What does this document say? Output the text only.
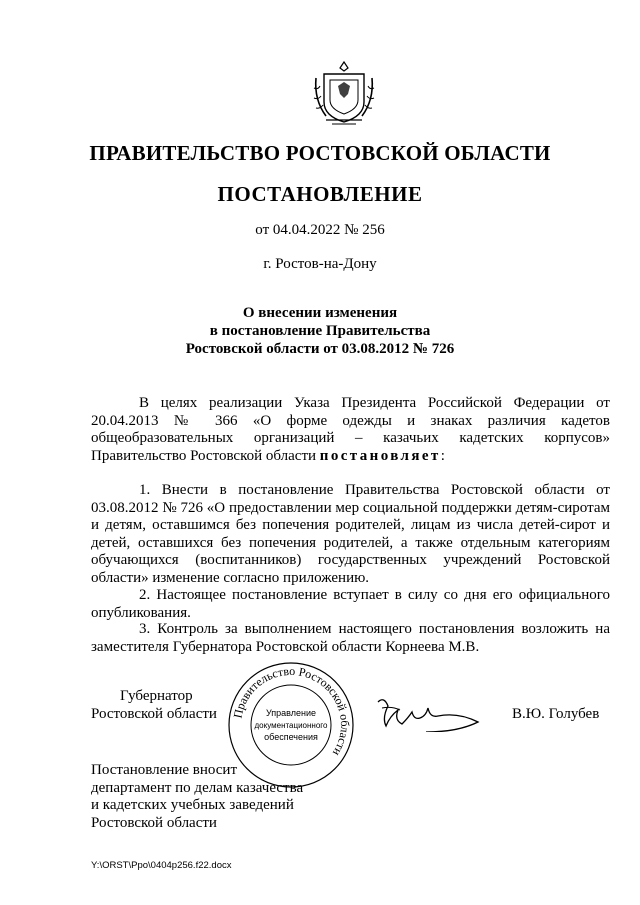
ПРАВИТЕЛЬСТВО РОСТОВСКОЙ ОБЛАСТИ
ПОСТАНОВЛЕНИЕ
от 04.04.2022 № 256
г. Ростов-на-Дону
О внесении изменения
в постановление Правительства
Ростовской области от 03.08.2012 № 726
В целях реализации Указа Президента Российской Федерации от 20.04.2013 № 366 «О форме одежды и знаках различия кадетов общеобразовательных организаций – казачьих кадетских корпусов» Правительство Ростовской области постановляет:
1. Внести в постановление Правительства Ростовской области от 03.08.2012 № 726 «О предоставлении мер социальной поддержки детям-сиротам и детям, оставшимся без попечения родителей, лицам из числа детей-сирот и детей, оставшихся без попечения родителей, а также отдельным категориям обучающихся (воспитанников) государственных учреждений Ростовской области» изменение согласно приложению.
2. Настоящее постановление вступает в силу со дня его официального опубликования.
3. Контроль за выполнением настоящего постановления возложить на заместителя Губернатора Ростовской области Корнеева М.В.
Губернатор
Ростовской области	В.Ю. Голубев
Правительство Ростовской области
Управление
документационного
обеспечения
Постановление вносит
департамент по делам казачества
и кадетских учебных заведений
Ростовской области
Y:\ORST\Ppo\0404p256.f22.docx
